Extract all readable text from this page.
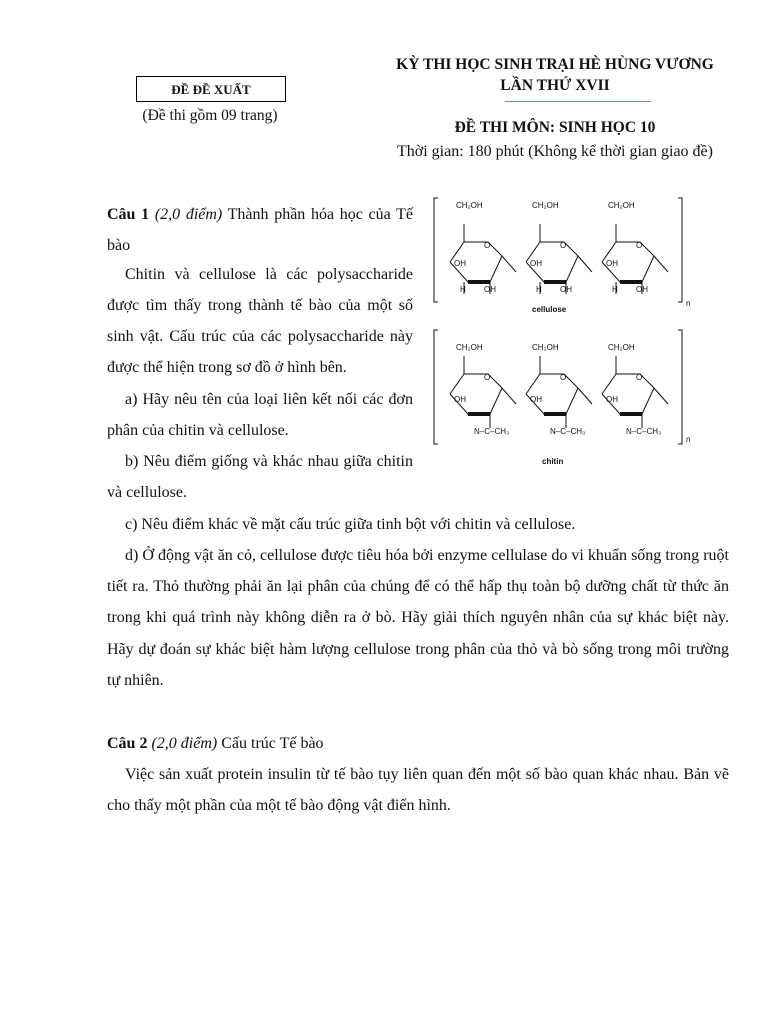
ĐỀ ĐỀ XUẤT
(Đề thi gồm 09 trang)
KỲ THI HỌC SINH TRẠI HÈ HÙNG VƯƠNG
LẦN THỨ XVII
ĐỀ THI MÔN: SINH HỌC 10
Thời gian: 180 phút (Không kể thời gian giao đề)
Câu 1 (2,0 điểm) Thành phần hóa học của Tế bào
Chitin và cellulose là các polysaccharide được tìm thấy trong thành tế bào của một số sinh vật. Cấu trúc của các polysaccharide này được thể hiện trong sơ đồ ở hình bên.
a) Hãy nêu tên của loại liên kết nối các đơn phân của chitin và cellulose.
b) Nêu điểm giống và khác nhau giữa chitin và cellulose.
c) Nêu điểm khác về mặt cấu trúc giữa tinh bột với chitin và cellulose.
d) Ở động vật ăn cỏ, cellulose được tiêu hóa bởi enzyme cellulase do vi khuẩn sống trong ruột tiết ra. Thỏ thường phải ăn lại phân của chúng để có thể hấp thụ toàn bộ dưỡng chất từ thức ăn trong khi quá trình này không diễn ra ở bò. Hãy giải thích nguyên nhân của sự khác biệt này. Hãy dự đoán sự khác biệt hàm lượng cellulose trong phân của thỏ và bò sống trong môi trường tự nhiên.
Câu 2 (2,0 điểm) Cấu trúc Tế bào
Việc sản xuất protein insulin từ tế bào tụy liên quan đến một số bào quan khác nhau. Bản vẽ cho thấy một phần của một tế bào động vật điển hình.
CH₂OH	CH₂OH	CH₂OH
O	O	O
OH	OH	OH
OH	OH	OH
H	H	H
n
cellulose
CH₂OH	CH₂OH	CH₂OH
O	O	O
OH	OH	OH
N–C–CH₃	N–C–CH₃	N–C–CH₃
n
chitin
